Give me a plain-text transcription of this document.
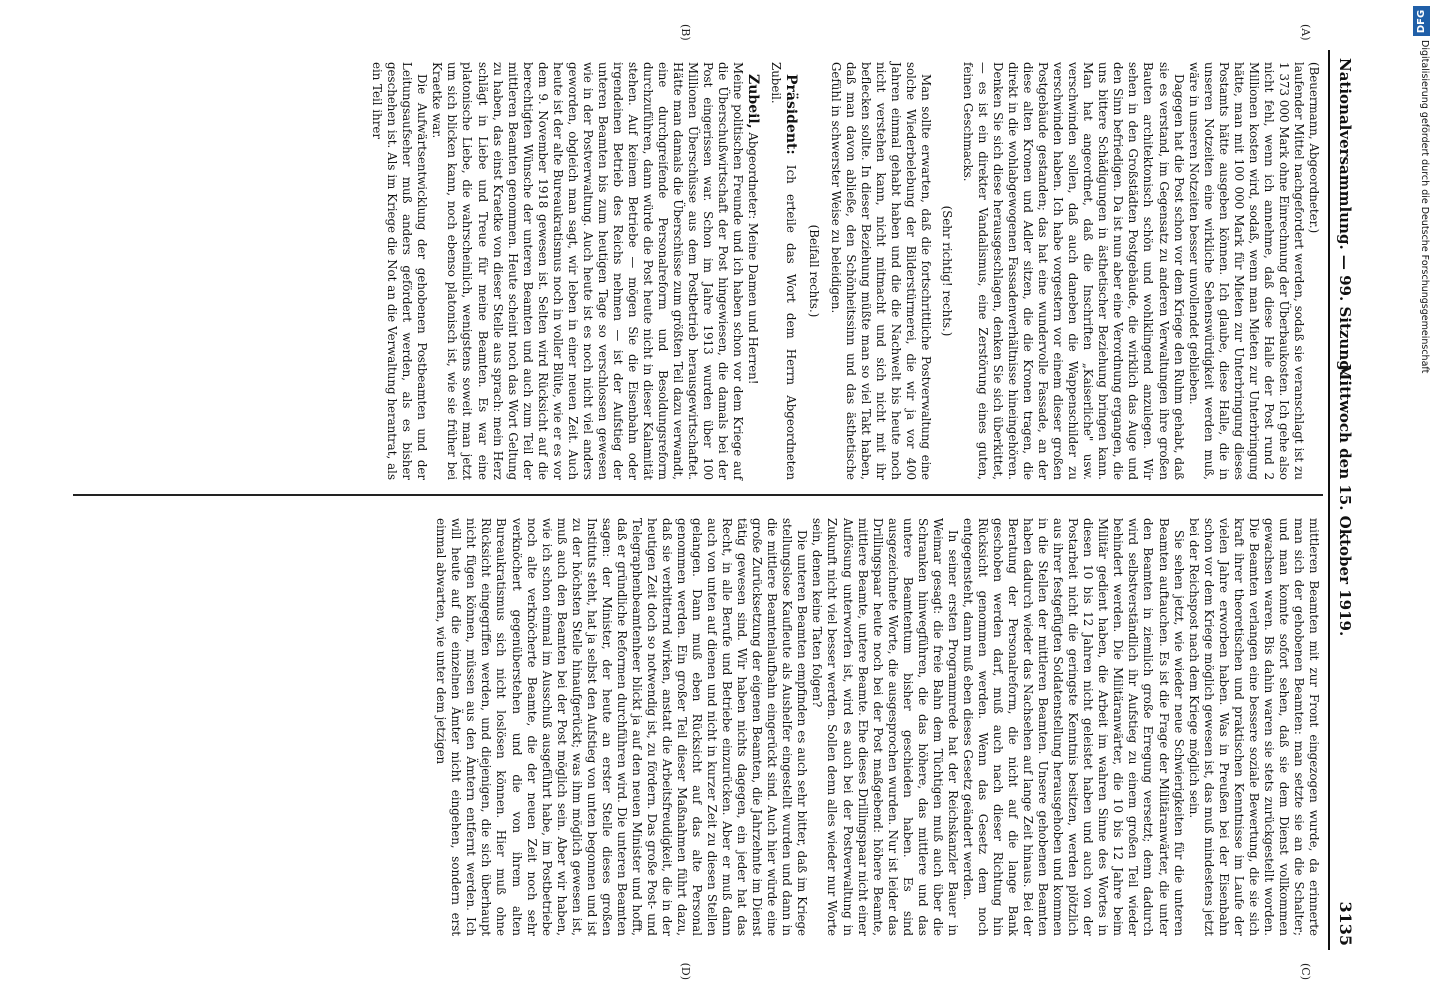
Nationalversammlung. — 99. Sitzung.
Mittwoch den 15. Oktober 1919.
3135
(A)
(B)
(C)
(D)

(Beuermann, Abgeordneter.)

laufender Mittel nachgefordert werden, sodaß sie veranschlagt ist zu 1 373 000 Mark ohne Einrechnung der Überbaukosten. Ich gehe also nicht fehl, wenn ich annehme, daß diese Halle der Post rund 2 Millionen kosten wird, sodaß, wenn man Mieten zur Unterbringung hätte, man mit 100 000 Mark für Mieten zur Unterbringung dieses Postamts hätte ausgeben können. Ich glaube, diese Halle, die in unseren Notzeiten eine wirkliche Sehenswürdigkeit werden muß, wäre in unseren Notzeiten besser unvollendet geblieben.

Dagegen hat die Post schon vor dem Kriege den Ruhm gehabt, daß sie es verstand, im Gegensatz zu anderen Verwaltungen ihre großen Bauten architektonisch schön und wohlklingend anzulegen. Wir sehen in den Großstädten Postgebäude, die wirklich das Auge und den Sinn befriedigen. Da ist nun aber eine Verordnung ergangen, die uns bittere Schädigungen in ästhetischer Beziehung bringen kann. Man hat angeordnet, daß die Inschriften „Kaiserliche" usw. verschwinden sollen, daß auch daneben die Wappenschilder zu verschwinden haben. Ich habe vorgestern vor einem dieser großen Postgebäude gestanden; das hat eine wundervolle Fassade, an der diese alten Kronen und Adler sitzen, die die Kronen tragen, die direkt in die wohlabgewogenen Fassadenverhältnisse hineingehören. Denken Sie sich diese herausgeschlagen, denken Sie sich überkittet, — es ist ein direkter Vandalismus, eine Zerstörung eines guten, feinen Geschmacks.

(Sehr richtig! rechts.)

Man sollte erwarten, daß die fortschrittliche Postverwaltung eine solche Wiederbelebung der Bilderstürmerei, die wir ja vor 400 Jahren einmal gehabt haben und die die Nachwelt bis heute noch nicht verstehen kann, nicht mitmacht und sich nicht mit ihr beflecken sollte. In dieser Beziehung müßte man so viel Takt haben, daß man davon abließe, den Schönheitssinn und das ästhetische Gefühl in schwerster Weise zu beleidigen.

(Beifall rechts.)

Präsident: Ich erteile das Wort dem Herrn Abgeordneten Zubeil.

Zubeil, Abgeordneter: Meine Damen und Herren!

Meine politischen Freunde und ich haben schon vor dem Kriege auf die Überschußwirtschaft der Post hingewiesen, die damals bei der Post eingerissen war. Schon im Jahre 1913 wurden über 100 Millionen Überschüsse aus dem Postbetrieb herausgewirtschaftet. Hätte man damals die Überschüsse zum größten Teil dazu verwandt, eine durchgreifende Personalreform und Besoldungsreform durchzuführen, dann würde die Post heute nicht in dieser Kalamität stehen. Auf keinem Betriebe — mögen Sie die Eisenbahn oder irgendeinen Betrieb des Reichs nehmen — ist der Aufstieg der unteren Beamten bis zum heutigen Tage so verschlossen gewesen wie in der Postverwaltung. Auch heute ist es noch nicht viel anders geworden, obgleich man sagt, wir leben in einer neuen Zeit. Auch heute ist der alte Bureaukratismus noch in voller Blüte, wie er es vor dem 9. November 1918 gewesen ist. Selten wird Rücksicht auf die berechtigten Wünsche der unteren Beamten und auch zum Teil der mittleren Beamten genommen. Heute scheint noch das Wort Geltung zu haben, das einst Kraetke von dieser Stelle aus sprach: mein Herz schlägt in Liebe und Treue für meine Beamten. Es war eine platonische Liebe, die wahrscheinlich, wenigstens soweit man jetzt um sich blicken kann, noch ebenso platonisch ist, wie sie früher bei Kraetke war.

Die Aufwärtsentwicklung der gehobenen Postbeamten und der Leitungsaufseher muß anders gefördert werden, als es bisher geschehen ist. Als im Kriege die Not an die Verwaltung herantrat, als ein Teil ihrer

mittleren Beamten mit zur Front eingezogen wurde, da erinnerte man sich der gehobenen Beamten: man setzte sie an die Schalter; und man konnte sofort sehen, daß sie dem Dienst vollkommen gewachsen waren. Bis dahin waren sie stets zurückgestellt worden. Die Beamten verlangen eine bessere soziale Bewertung, die sie sich kraft ihrer theoretischen und praktischen Kenntnisse im Laufe der vielen Jahre erworben haben. Was in Preußen bei der Eisenbahn schon vor dem Kriege möglich gewesen ist, das muß mindestens jetzt bei der Reichspost nach dem Kriege möglich sein.

Sie sehen jetzt, wie wieder neue Schwierigkeiten für die unteren Beamten auftauchen. Es ist die Frage der Militäranwärter, die unter den Beamten in ziemlich große Erregung versetzt; denn dadurch wird selbstverständlich ihr Aufstieg zu einem großen Teil wieder behindert werden. Die Militäranwärter, die 10 bis 12 Jahre beim Militär gedient haben, die Arbeit im wahren Sinne des Wortes in diesen 10 bis 12 Jahren nicht geleistet haben und auch von der Postarbeit nicht die geringste Kenntnis besitzen, werden plötzlich aus ihrer festgefügten Soldatenstellung herausgehoben und kommen in die Stellen der mittleren Beamten. Unsere gehobenen Beamten haben dadurch wieder das Nachsehen auf lange Zeit hinaus. Bei der Beratung der Personalreform, die nicht auf die lange Bank geschoben werden darf, muß auch nach dieser Richtung hin Rücksicht genommen werden. Wenn das Gesetz dem noch entgegensteht, dann muß eben dieses Gesetz geändert werden.

In seiner ersten Programmrede hat der Reichskanzler Bauer in Weimar gesagt: die freie Bahn dem Tüchtigen muß auch über die Schranken hinwegführen, die das höhere, das mittlere und das untere Beamtentum bisher geschieden haben. Es sind ausgezeichnete Worte, die ausgesprochen wurden. Nur ist leider das Drillingspaar heute noch bei der Post maßgebend: höhere Beamte, mittlere Beamte, untere Beamte. Ehe dieses Drillingspaar nicht einer Auflösung unterworfen ist, wird es auch bei der Postverwaltung in Zukunft nicht viel besser werden. Sollen denn alles wieder nur Worte sein, denen keine Taten folgen?

Die unteren Beamten empfinden es auch sehr bitter, daß im Kriege stellungslose Kaufleute als Aushelfer eingestellt wurden und dann in die mittlere Beamtenlaufbahn eingerückt sind. Auch hier würde eine große Zurücksetzung der eigenen Beamten, die Jahrzehnte im Dienst tätig gewesen sind. Wir haben nichts dagegen, ein jeder hat das Recht, in alle Berufe und Betriebe einzurücken. Aber er muß dann auch von unten auf dienen und nicht in kurzer Zeit zu diesen Stellen gelangen. Dann muß eben Rücksicht auf das alte Personal genommen werden. Ein großer Teil dieser Maßnahmen führt dazu, daß sie verbitternd wirken, anstatt die Arbeitsfreudigkeit, die in der heutigen Zeit doch so notwendig ist, zu fördern. Das große Post- und Telegraphenbeamtenheer blickt ja auf den neuen Minister und hofft, daß er gründliche Reformen durchführen wird. Die unteren Beamten sagen: der Minister, der heute an erster Stelle dieses großen Instituts steht, hat ja selbst den Aufstieg von unten begonnen und ist zu der höchsten Stelle hinaufgerückt; was ihm möglich gewesen ist, muß auch den Beamten bei der Post möglich sein. Aber wir haben, wie ich schon einmal im Ausschuß ausgeführt habe, im Postbetriebe noch alte verknöcherte Beamte, die der neuen Zeit noch sehr verknöchert gegenüberstehen und die von ihrem alten Bureaukratismus sich nicht loslösen können. Hier muß ohne Rücksicht eingegriffen werden, und diejenigen, die sich überhaupt nicht fügen können, müssen aus den Ämtern entfernt werden. Ich will heute auf die einzelnen Ämter nicht eingehen, sondern erst einmal abwarten, wie unter dem jetzigen

DFG
Digitalisierung gefördert durch die Deutsche Forschungsgemeinschaft
